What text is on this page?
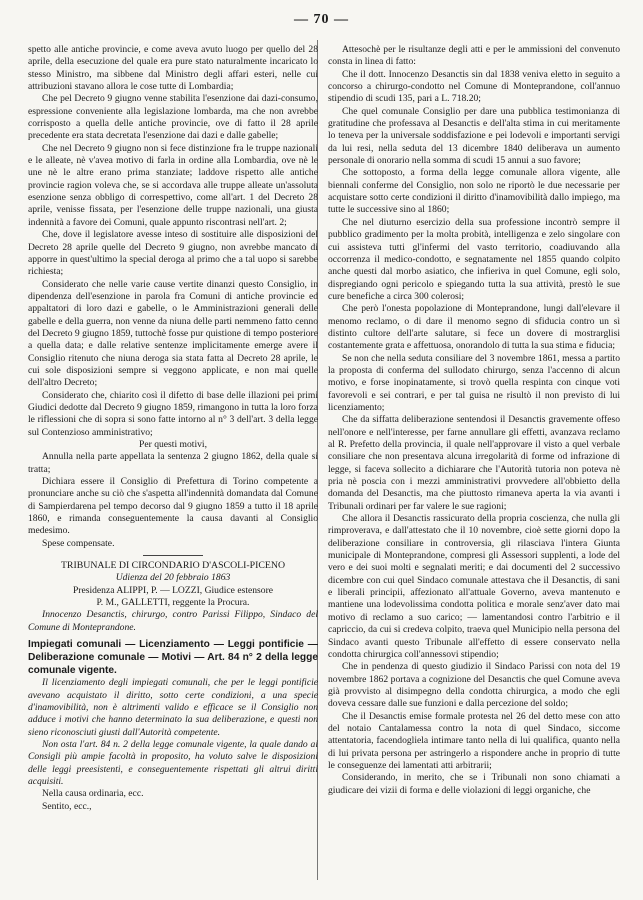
— 70 —

spetto alle antiche provincie, e come aveva avuto luogo per quello del 28 aprile, della esecuzione del quale era pure stato naturalmente incaricato lo stesso Ministro, ma sibbene dal Ministro degli affari esteri, nelle cui attribuzioni stavano allora le cose tutte di Lombardia;

Che pel Decreto 9 giugno venne stabilita l'esenzione dai dazi-consumo, espressione conveniente alla legislazione lombarda, ma che non avrebbe corrisposto a quella delle antiche provincie, ove di fatto il 28 aprile precedente era stata decretata l'esenzione dai dazi e dalle gabelle;

Che nel Decreto 9 giugno non si fece distinzione fra le truppe nazionali e le alleate, nè v'avea motivo di farla in ordine alla Lombardia, ove nè le une nè le altre erano prima stanziate; laddove rispetto alle antiche provincie ragion voleva che, se si accordava alle truppe alleate un'assoluta esenzione senza obbligo di correspettivo, come all'art. 1 del Decreto 28 aprile, venisse fissata, per l'esenzione delle truppe nazionali, una giusta indennità a favore dei Comuni, quale appunto riscontrasi nell'art. 2;

Che, dove il legislatore avesse inteso di sostituire alle disposizioni del Decreto 28 aprile quelle del Decreto 9 giugno, non avrebbe mancato di apporre in quest'ultimo la special deroga al primo che a tal uopo si sarebbe richiesta;

Considerato che nelle varie cause vertite dinanzi questo Consiglio, in dipendenza dell'esenzione in parola fra Comuni di antiche provincie ed appaltatori di loro dazi e gabelle, o le Amministrazioni generali delle gabelle e della guerra, non venne da niuna delle parti nemmeno fatto cenno del Decreto 9 giugno 1859, tuttochè fosse pur quistione di tempo posteriore a quella data; e dalle relative sentenze implicitamente emerge avere il Consiglio ritenuto che niuna deroga sia stata fatta al Decreto 28 aprile, le cui sole disposizioni sempre si veggono applicate, e non mai quelle dell'altro Decreto;

Considerato che, chiarito così il difetto di base delle illazioni pei primi Giudici dedotte dal Decreto 9 giugno 1859, rimangono in tutta la loro forza le riflessioni che di sopra si sono fatte intorno al n° 3 dell'art. 3 della legge sul Contenzioso amministrativo;

Per questi motivi,

Annulla nella parte appellata la sentenza 2 giugno 1862, della quale si tratta;

Dichiara essere il Consiglio di Prefettura di Torino competente a pronunciare anche su ciò che s'aspetta all'indennità domandata dal Comune di Sampierdarena pel tempo decorso dal 9 giugno 1859 a tutto il 18 aprile 1860, e rimanda conseguentemente la causa davanti al Consiglio medesimo.

Spese compensate.

TRIBUNALE DI CIRCONDARIO D'ASCOLI-PICENO

Udienza del 20 febbraio 1863

Presidenza ALIPPI, P. — LOZZI, Giudice estensore

P. M., GALLETTI, reggente la Procura.

Innocenzo Desanctis, chirurgo, contro Parissi Filippo, Sindaco del Comune di Monteprandone.

Impiegati comunali — Licenziamento — Leggi pontificie — Deliberazione comunale — Motivi — Art. 84 n° 2 della legge comunale vigente.

Il licenziamento degli impiegati comunali, che per le leggi pontificie avevano acquistato il diritto, sotto certe condizioni, a una specie d'inamovibilità, non è altrimenti valido e efficace se il Consiglio non adduce i motivi che hanno determinato la sua deliberazione, e questi non sieno riconosciuti giusti dall'Autorità competente.

Non osta l'art. 84 n. 2 della legge comunale vigente, la quale dando ai Consigli più ampie facoltà in proposito, ha voluto salve le disposizioni delle leggi preesistenti, e conseguentemente rispettati gli altrui diritti acquisiti.

Nella causa ordinaria, ecc.

Sentito, ecc.,

Attesochè per le risultanze degli atti e per le ammissioni del convenuto consta in linea di fatto:

Che il dott. Innocenzo Desanctis sin dal 1838 veniva eletto in seguito a concorso a chirurgo-condotto nel Comune di Monteprandone, coll'annuo stipendio di scudi 135, pari a L. 718.20;

Che quel comunale Consiglio per dare una pubblica testimonianza di gratitudine che professava al Desanctis e dell'alta stima in cui meritamente lo teneva per la universale soddisfazione e pei lodevoli e importanti servigi da lui resi, nella seduta del 13 dicembre 1840 deliberava un aumento personale di onorario nella somma di scudi 15 annui a suo favore;

Che sottoposto, a forma della legge comunale allora vigente, alle biennali conferme del Consiglio, non solo ne riportò le due necessarie per acquistare sotto certe condizioni il diritto d'inamovibilità dallo impiego, ma tutte le successive sino al 1860;

Che nel diuturno esercizio della sua professione incontrò sempre il pubblico gradimento per la molta probità, intelligenza e zelo singolare con cui assisteva tutti gl'infermi del vasto territorio, coadiuvando alla occorrenza il medico-condotto, e segnatamente nel 1855 quando colpito anche questi dal morbo asiatico, che infieriva in quel Comune, egli solo, dispregiando ogni pericolo e spiegando tutta la sua attività, prestò le sue cure benefiche a circa 300 colerosi;

Che però l'onesta popolazione di Monteprandone, lungi dall'elevare il menomo reclamo, o di dare il menomo segno di sfiducia contro un sì distinto cultore dell'arte salutare, si fece un dovere di mostrarglisi costantemente grata e affettuosa, onorandolo di tutta la sua stima e fiducia;

Se non che nella seduta consiliare del 3 novembre 1861, messa a partito la proposta di conferma del sullodato chirurgo, senza l'accenno di alcun motivo, e forse inopinatamente, si trovò quella respinta con cinque voti favorevoli e sei contrari, e per tal guisa ne risultò il non previsto di lui licenziamento;

Che da siffatta deliberazione sentendosi il Desanctis gravemente offeso nell'onore e nell'interesse, per farne annullare gli effetti, avanzava reclamo al R. Prefetto della provincia, il quale nell'approvare il visto a quel verbale consiliare che non presentava alcuna irregolarità di forme od infrazione di legge, si faceva sollecito a dichiarare che l'Autorità tutoria non poteva nè pria nè poscia con i mezzi amministrativi provvedere all'obbietto della domanda del Desanctis, ma che piuttosto rimaneva aperta la via avanti i Tribunali ordinari per far valere le sue ragioni;

Che allora il Desanctis rassicurato della propria coscienza, che nulla gli rimproverava, e dall'attestato che il 10 novembre, cioè sette giorni dopo la deliberazione consiliare in controversia, gli rilasciava l'intera Giunta municipale di Monteprandone, compresi gli Assessori supplenti, a lode del vero e dei suoi molti e segnalati meriti; e dai documenti del 2 successivo dicembre con cui quel Sindaco comunale attestava che il Desanctis, di sani e liberali principii, affezionato all'attuale Governo, aveva mantenuto e mantiene una lodevolissima condotta politica e morale senz'aver dato mai motivo di reclamo a suo carico; — lamentandosi contro l'arbitrio e il capriccio, da cui si credeva colpito, traeva quel Municipio nella persona del Sindaco avanti questo Tribunale all'effetto di essere conservato nella condotta chirurgica coll'annessovi stipendio;

Che in pendenza di questo giudizio il Sindaco Parissi con nota del 19 novembre 1862 portava a cognizione del Desanctis che quel Comune aveva già provvisto al disimpegno della condotta chirurgica, a modo che egli doveva cessare dalle sue funzioni e dalla percezione del soldo;

Che il Desanctis emise formale protesta nel 26 del detto mese con atto del notaio Cantalamessa contro la nota di quel Sindaco, siccome attentatoria, facendogliela intimare tanto nella di lui qualifica, quanto nella di lui privata persona per astringerlo a rispondere anche in proprio di tutte le conseguenze dei lamentati atti arbitrarii;

Considerando, in merito, che se i Tribunali non sono chiamati a giudicare dei vizii di forma e delle violazioni di leggi organiche, che
